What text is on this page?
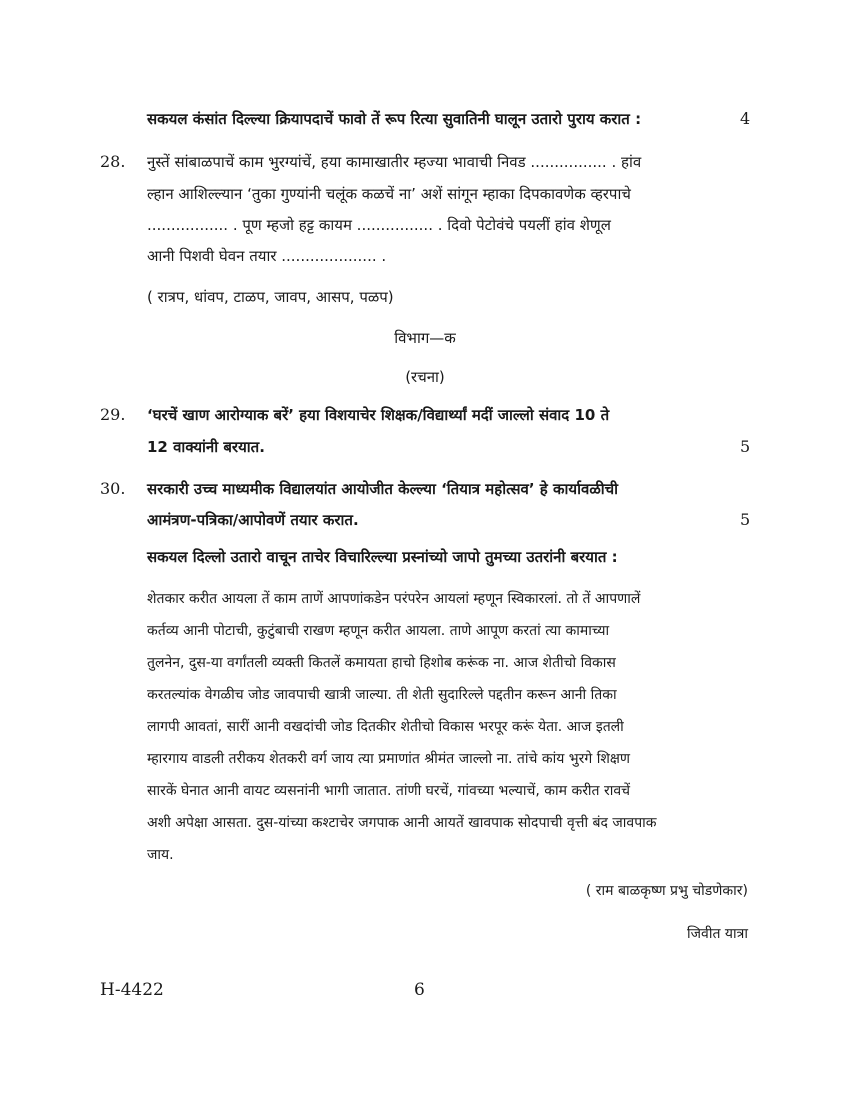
सकयल कंसांत दिल्ल्या क्रियापदाचें फावो तें रूप रित्या सुवातिनी घालून उतारो पुराय करात :	4
28. नुस्तें सांबाळपाचें काम भुरग्यांचें, हया कामाखातीर म्हज्या भावाची निवड ................ . हांव
ल्हान आशिल्ल्यान ‘तुका गुण्यांनी चलूंक कळचें ना’ अशें सांगून म्हाका दिपकावणेक व्हरपाचे
................. . पूण म्हजो हट्ट कायम ................ . दिवो पेटोवंचे पयलीं हांव शेणूल
आनी पिशवी घेवन तयार .................... .
( रात्रप, धांवप, टाळप, जावप, आसप, पळप)
विभाग—क
(रचना)
29. ‘घरचें खाण आरोग्याक बरें’ हया विशयाचेर शिक्षक/विद्यार्थ्यां मदीं जाल्लो संवाद 10 ते
12 वाक्यांनी बरयात.	5
30. सरकारी उच्च माध्यमीक विद्यालयांत आयोजीत केल्ल्या ‘तियात्र महोत्सव’ हे कार्यावळीची
आमंत्रण-पत्रिका/आपोवणें तयार करात.	5
सकयल दिल्लो उतारो वाचून ताचेर विचारिल्ल्या प्रस्नांच्यो जापो तुमच्या उतरांनी बरयात :
शेतकार करीत आयला तें काम ताणें आपणांकडेन परंपरेन आयलां म्हणून स्विकारलां. तो तें आपणालें
कर्तव्य आनी पोटाची, कुटुंबाची राखण म्हणून करीत आयला. ताणे आपूण करतां त्या कामाच्या
तुलनेन, दुस-या वर्गांतली व्यक्ती कितलें कमायता हाचो हिशोब करूंक ना. आज शेतीचो विकास
करतल्यांक वेगळीच जोड जावपाची खात्री जाल्या. ती शेती सुदारिल्ले पद्दतीन करून आनी तिका
लागपी आवतां, सारीं आनी वखदांची जोड दितकीर शेतीचो विकास भरपूर करूं येता. आज इतली
म्हारगाय वाडली तरीकय शेतकरी वर्ग जाय त्या प्रमाणांत श्रीमंत जाल्लो ना. तांचे कांय भुरगे शिक्षण
सारकें घेनात आनी वायट व्यसनांनी भागी जातात. तांणी घरचें, गांवच्या भल्याचें, काम करीत रावचें
अशी अपेक्षा आसता. दुस-यांच्या कश्टाचेर जगपाक आनी आयतें खावपाक सोदपाची वृत्ती बंद जावपाक
जाय.
( राम बाळकृष्ण प्रभु चोडणेकार)
जिवीत यात्रा
H-4422	6
